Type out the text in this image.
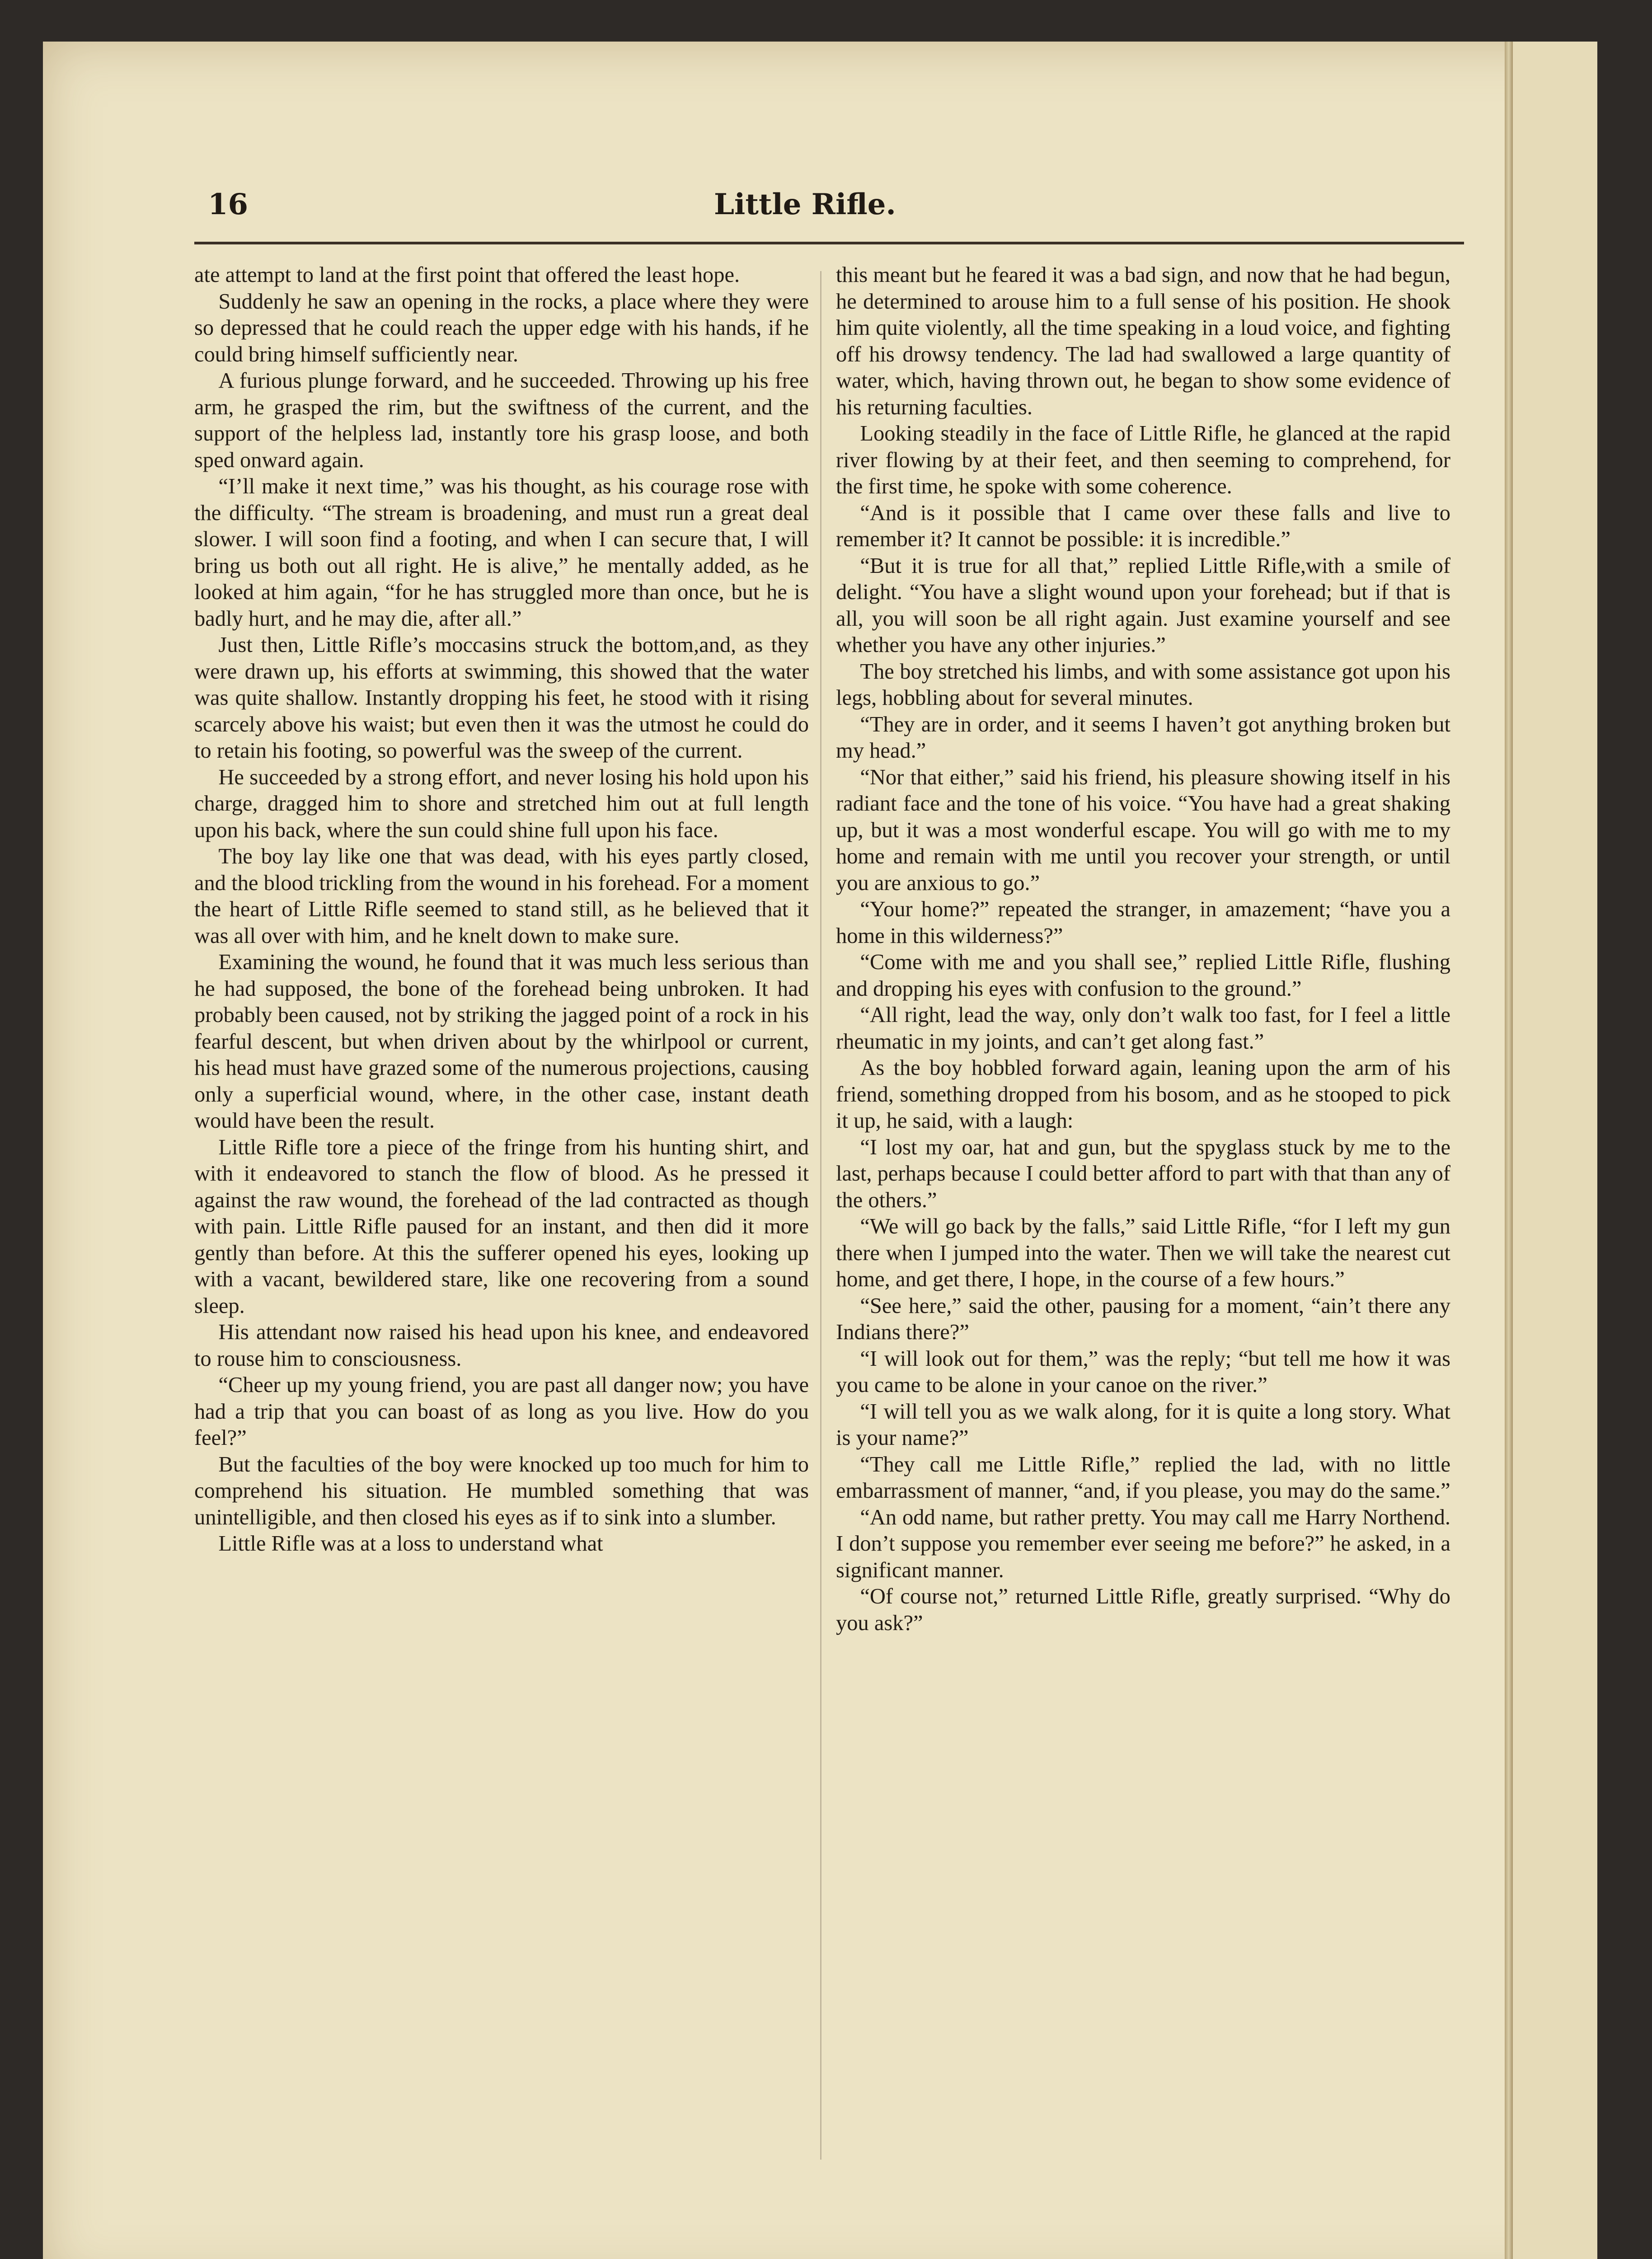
16	Little Rifle.

ate attempt to land at the first point that offered the least hope.

Suddenly he saw an opening in the rocks, a place where they were so depressed that he could reach the upper edge with his hands, if he could bring himself sufficiently near.

A furious plunge forward, and he succeeded. Throwing up his free arm, he grasped the rim, but the swiftness of the current, and the support of the helpless lad, instantly tore his grasp loose, and both sped onward again.

“I’ll make it next time,” was his thought, as his courage rose with the difficulty. “The stream is broadening, and must run a great deal slower. I will soon find a footing, and when I can secure that, I will bring us both out all right. He is alive,” he mentally added, as he looked at him again, “for he has struggled more than once, but he is badly hurt, and he may die, after all.”

Just then, Little Rifle’s moccasins struck the bottom,and, as they were drawn up, his efforts at swimming, this showed that the water was quite shallow. Instantly dropping his feet, he stood with it rising scarcely above his waist; but even then it was the utmost he could do to retain his footing, so powerful was the sweep of the current.

He succeeded by a strong effort, and never losing his hold upon his charge, dragged him to shore and stretched him out at full length upon his back, where the sun could shine full upon his face.

The boy lay like one that was dead, with his eyes partly closed, and the blood trickling from the wound in his forehead. For a moment the heart of Little Rifle seemed to stand still, as he believed that it was all over with him, and he knelt down to make sure.

Examining the wound, he found that it was much less serious than he had supposed, the bone of the forehead being unbroken. It had probably been caused, not by striking the jagged point of a rock in his fearful descent, but when driven about by the whirlpool or current, his head must have grazed some of the numerous projections, causing only a superficial wound, where, in the other case, instant death would have been the result.

Little Rifle tore a piece of the fringe from his hunting shirt, and with it endeavored to stanch the flow of blood. As he pressed it against the raw wound, the forehead of the lad contracted as though with pain. Little Rifle paused for an instant, and then did it more gently than before. At this the sufferer opened his eyes, looking up with a vacant, bewildered stare, like one recovering from a sound sleep.

His attendant now raised his head upon his knee, and endeavored to rouse him to consciousness.

“Cheer up my young friend, you are past all danger now; you have had a trip that you can boast of as long as you live. How do you feel?”

But the faculties of the boy were knocked up too much for him to comprehend his situation. He mumbled something that was unintelligible, and then closed his eyes as if to sink into a slumber.

Little Rifle was at a loss to understand what

this meant but he feared it was a bad sign, and now that he had begun, he determined to arouse him to a full sense of his position. He shook him quite violently, all the time speaking in a loud voice, and fighting off his drowsy tendency. The lad had swallowed a large quantity of water, which, having thrown out, he began to show some evidence of his returning faculties.

Looking steadily in the face of Little Rifle, he glanced at the rapid river flowing by at their feet, and then seeming to comprehend, for the first time, he spoke with some coherence.

“And is it possible that I came over these falls and live to remember it? It cannot be possible: it is incredible.”

“But it is true for all that,” replied Little Rifle,with a smile of delight. “You have a slight wound upon your forehead; but if that is all, you will soon be all right again. Just examine yourself and see whether you have any other injuries.”

The boy stretched his limbs, and with some assistance got upon his legs, hobbling about for several minutes.

“They are in order, and it seems I haven’t got anything broken but my head.”

“Nor that either,” said his friend, his pleasure showing itself in his radiant face and the tone of his voice. “You have had a great shaking up, but it was a most wonderful escape. You will go with me to my home and remain with me until you recover your strength, or until you are anxious to go.”

“Your home?” repeated the stranger, in amazement; “have you a home in this wilderness?”

“Come with me and you shall see,” replied Little Rifle, flushing and dropping his eyes with confusion to the ground.”

“All right, lead the way, only don’t walk too fast, for I feel a little rheumatic in my joints, and can’t get along fast.”

As the boy hobbled forward again, leaning upon the arm of his friend, something dropped from his bosom, and as he stooped to pick it up, he said, with a laugh:

“I lost my oar, hat and gun, but the spyglass stuck by me to the last, perhaps because I could better afford to part with that than any of the others.”

“We will go back by the falls,” said Little Rifle, “for I left my gun there when I jumped into the water. Then we will take the nearest cut home, and get there, I hope, in the course of a few hours.”

“See here,” said the other, pausing for a moment, “ain’t there any Indians there?”

“I will look out for them,” was the reply; “but tell me how it was you came to be alone in your canoe on the river.”

“I will tell you as we walk along, for it is quite a long story. What is your name?”

“They call me Little Rifle,” replied the lad, with no little embarrassment of manner, “and, if you please, you may do the same.”

“An odd name, but rather pretty. You may call me Harry Northend. I don’t suppose you remember ever seeing me before?” he asked, in a significant manner.

“Of course not,” returned Little Rifle, greatly surprised. “Why do you ask?”
